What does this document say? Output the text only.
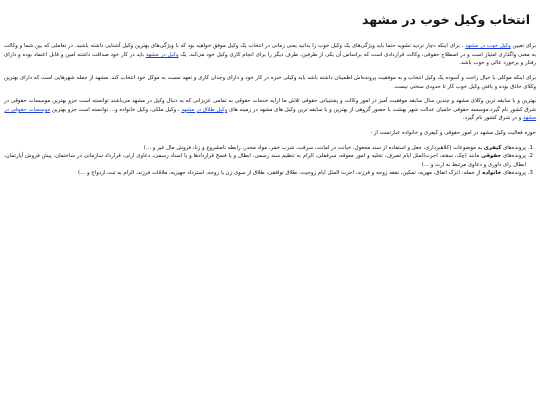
انتخاب وکیل خوب در مشهد

برای تعیین وکیل خوب در مشهد ، برای اینکه دچار تردید نشوید حتما باید ویژگی‌های یک وکیل خوب را بدانید یعنی زمانی در انتخاب یک وکیل موفق خواهید بود که با ویژگی‌های بهترین وکیل آشنایی داشته باشید. در تعاملی که بین شما و وکالت به معنی واگذاری امتیاز است و در اصطلاح حقوقی، وکالت قراردادی است که براساس آن یکی از طرفین، طرف دیگر را برای انجام کاری وکیل خود می‌کند. یک وکیل در مشهد باید در کار خود صداقت داشته امین و قابل اعتماد بوده و دارای رفتار و برخورد عالی و خوب باشد.

برای اینکه موکلی با خیال راحت و آسوده یک وکیل انتخاب و به موفقیت پرونده‌اش اطمینان داشته باشد باید وکیلی خبره در کار خود و دارای وجدان کاری و تعهد نسبت به موکل خود انتخاب کند. مشهد از جمله شهرهایی است که دارای بهترین وکلای حاذق بوده و یافتن وکیل خوب کار تا حدودی سختی نیست.

بهترین و با سابقه ترین وکلای مشهد و چندین سال سابقه موفقیت آمیز در امور وکالت و پشتیبانی حقوقی تلاش ما ارایه خدمات حقوقی به تمامی عزیزانی که به دنبال وکیل در مشهد می‌باشند توانسته است جزو بهترین موسسات حقوقی در شرق کشور نام گیرد.موسسه حقوقی حامیان عدالت شهر بهشت با حضور گروهی از بهترین و با سابقه ترین وکیل های مشهد در زمینه های وکیل طلاق در مشهد ، وکیل ملکی، وکیل خانواده و... توانسته است جزو بهترین موسسات حقوقی در مشهد و در شرق کشور نام گیرد.

حوزه فعالیت وکیل مشهد در امور حقوقی و کیفری و خانواده عبارتست از :

1. پرونده‌های کیفری به موضوعات (کلاهبرداری، جعل و استفاده از سند مجعول، خیانت در امانت، سرقت، شرب خمر، مواد مخدر، رابطه نامشروع و زنا، فروش مال غیر و ...)
2. پرونده‌های حقوقی مانند (چک، سفته، اجرت‌المثل ایام تصرف، تخلیه و امور معوقه، سرقفلی، الزام به تنظیم سند رسمی، ابطال و یا فسخ قراردادها و یا اسناد رسمی، دعاوی ارثی، قرارداد سازمانی در ساختمان، پیش فروش آپارتمان، ابطال رای داوری و دعاوی مرتبط به ارث و ...)
3. پرونده‌های خانواده از جمله: (ترک انفاق، مهریه، تمکین، نفقه زوجه و فرزند، اجرت المثل ایام زوجیت، طلاق توافقی، طلاق از سوی زن یا زوجه، استرداد جهیزیه، ملاقات فرزند، الزام به ثبت ازدواج و ...)
